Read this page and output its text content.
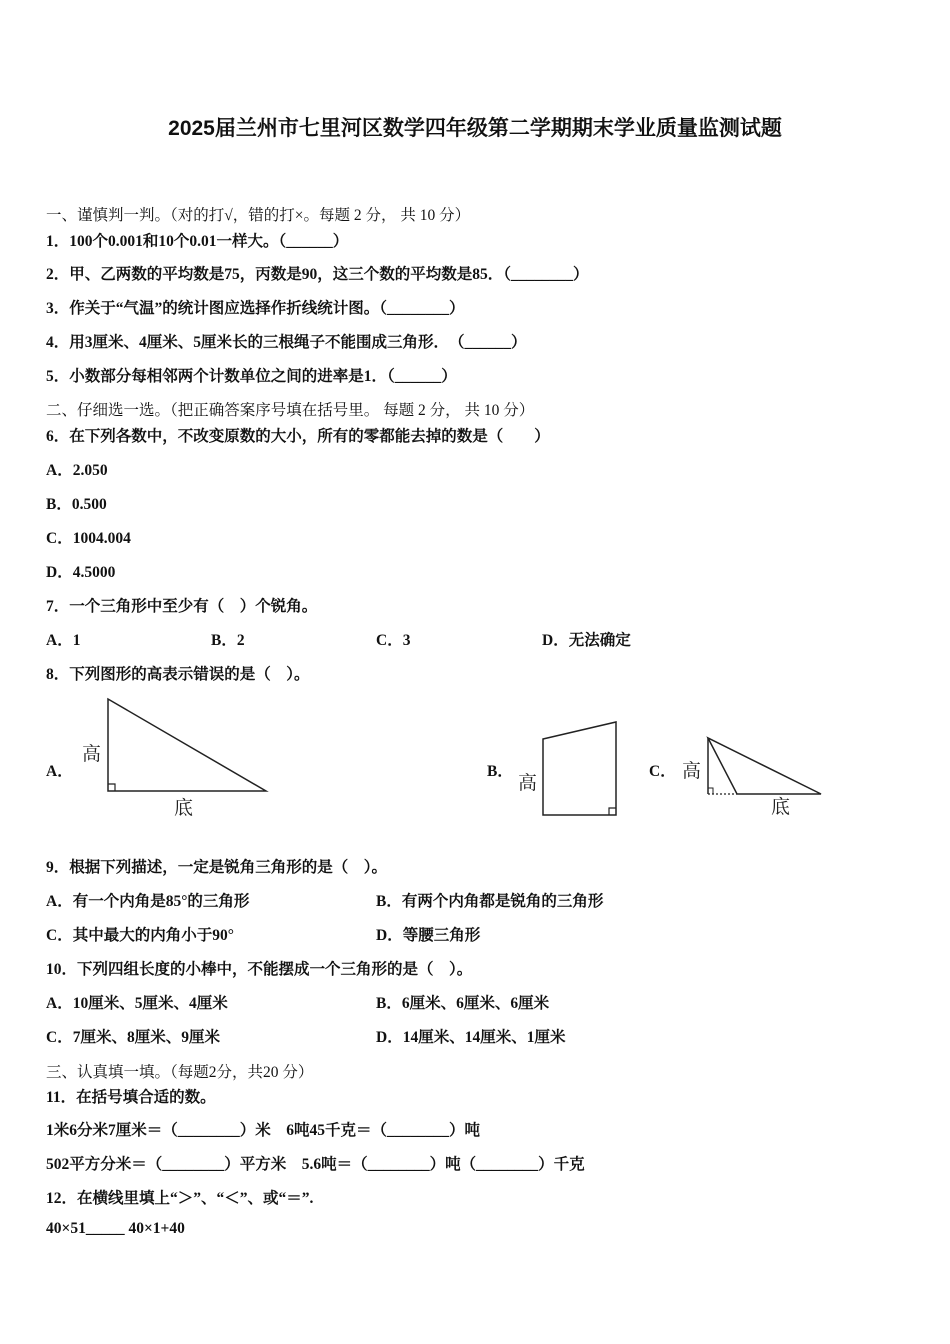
2025届兰州市七里河区数学四年级第二学期期末学业质量监测试题
一、谨慎判一判。（对的打√，错的打×。每题 2 分， 共 10 分）
1．100个0.001和10个0.01一样大。（______）
2．甲、乙两数的平均数是75，丙数是90，这三个数的平均数是85．（________）
3．作关于“气温”的统计图应选择作折线统计图。（________）
4．用3厘米、4厘米、5厘米长的三根绳子不能围成三角形．　（______）
5．小数部分每相邻两个计数单位之间的进率是1．（______）
二、仔细选一选。（把正确答案序号填在括号里。 每题 2 分， 共 10 分）
6．在下列各数中，不改变原数的大小，所有的零都能去掉的数是（　　）
A．2.050
B．0.500
C．1004.004
D．4.5000
7．一个三角形中至少有（　）个锐角。
A．1	B．2	C．3	D．无法确定
8．下列图形的高表示错误的是（　）。
A．	B．	C．
高
底
高
高
底
9．根据下列描述，一定是锐角三角形的是（　）。
A．有一个内角是85°的三角形	B．有两个内角都是锐角的三角形
C．其中最大的内角小于90°	D．等腰三角形
10．下列四组长度的小棒中，不能摆成一个三角形的是（　）。
A．10厘米、5厘米、4厘米	B．6厘米、6厘米、6厘米
C．7厘米、8厘米、9厘米	D．14厘米、14厘米、1厘米
三、认真填一填。（每题2分，共20 分）
11．在括号填合适的数。
1米6分米7厘米＝（________）米　6吨45千克＝（________）吨
502平方分米＝（________）平方米　5.6吨＝（________）吨（________）千克
12．在横线里填上“＞”、“＜”、或“＝”.
40×51_____ 40×1+40
